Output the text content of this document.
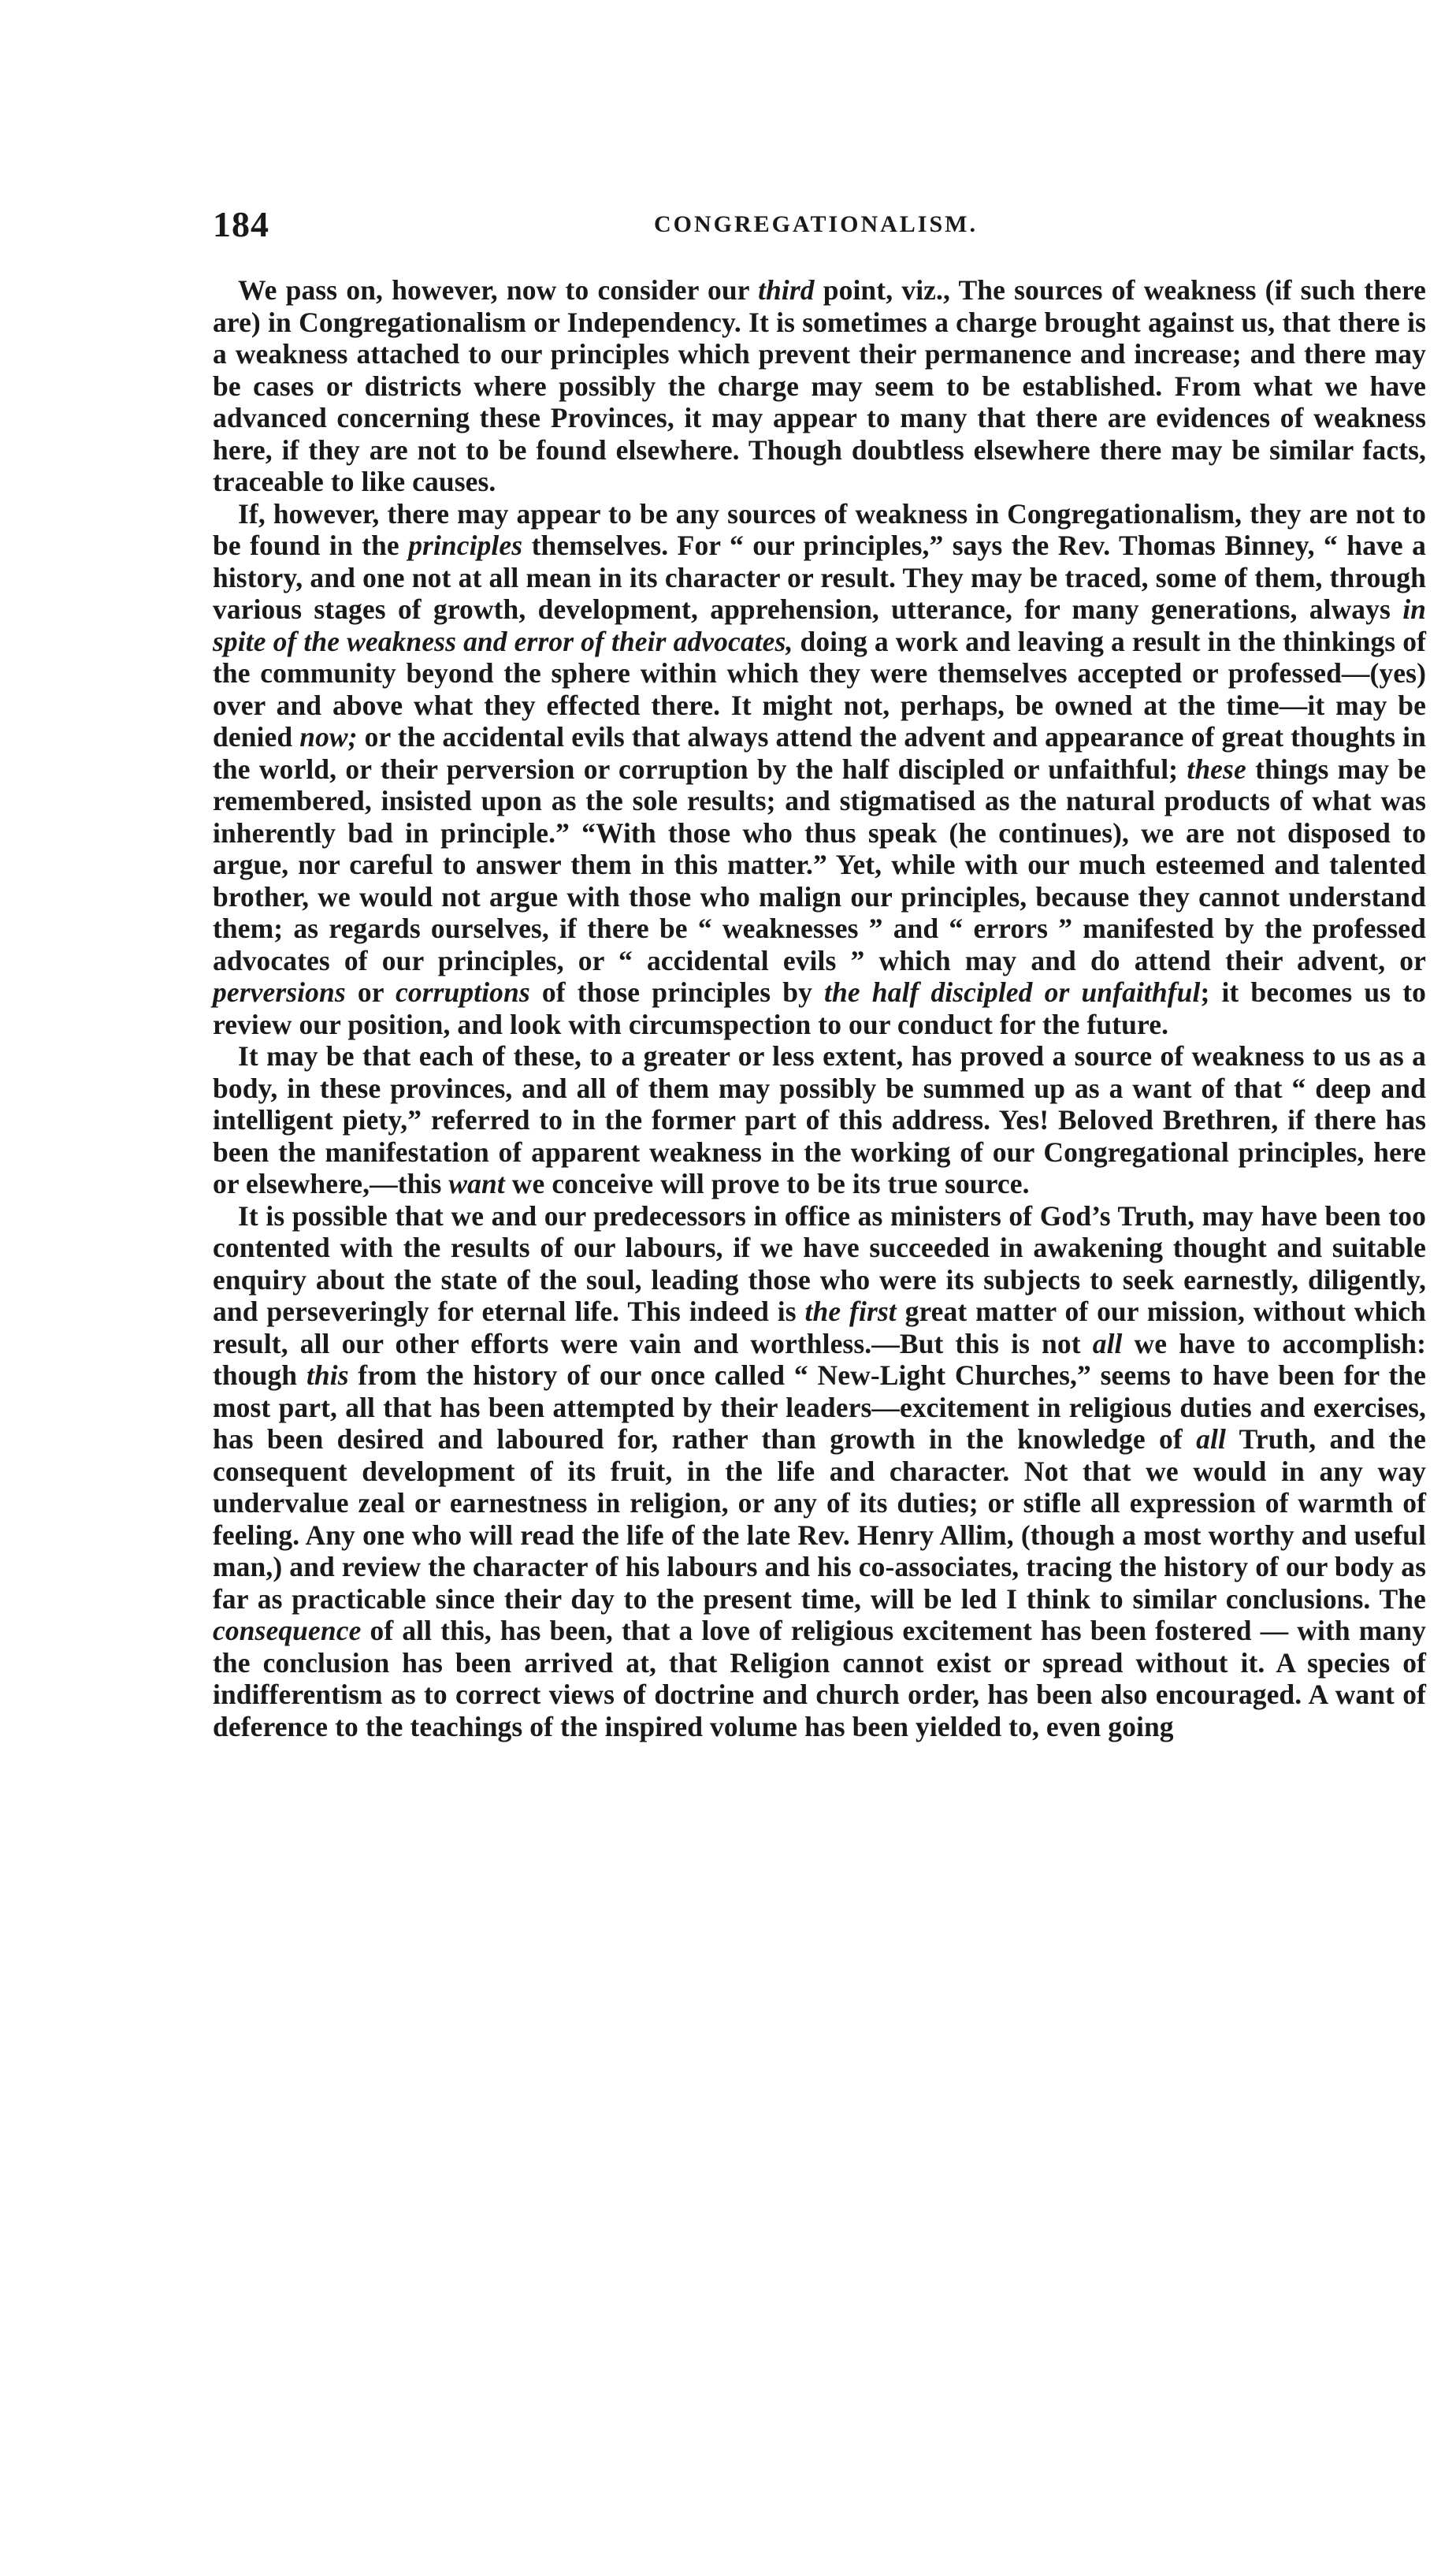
184	CONGREGATIONALISM.

We pass on, however, now to consider our third point, viz., The sources of weakness (if such there are) in Congregationalism or Independency. It is sometimes a charge brought against us, that there is a weakness attached to our principles which prevent their permanence and increase; and there may be cases or districts where possibly the charge may seem to be established. From what we have advanced concerning these Provinces, it may appear to many that there are evidences of weakness here, if they are not to be found elsewhere. Though doubtless elsewhere there may be similar facts, traceable to like causes.

If, however, there may appear to be any sources of weakness in Congregationalism, they are not to be found in the principles themselves. For “ our principles,” says the Rev. Thomas Binney, “ have a history, and one not at all mean in its character or result. They may be traced, some of them, through various stages of growth, development, apprehension, utterance, for many generations, always in spite of the weakness and error of their advocates, doing a work and leaving a result in the thinkings of the community beyond the sphere within which they were themselves accepted or professed—(yes) over and above what they effected there. It might not, perhaps, be owned at the time—it may be denied now; or the accidental evils that always attend the advent and appearance of great thoughts in the world, or their perversion or corruption by the half discipled or unfaithful; these things may be remembered, insisted upon as the sole results; and stigmatised as the natural products of what was inherently bad in principle.” “With those who thus speak (he continues), we are not disposed to argue, nor careful to answer them in this matter.” Yet, while with our much esteemed and talented brother, we would not argue with those who malign our principles, because they cannot understand them; as regards ourselves, if there be “ weaknesses ” and “ errors ” manifested by the professed advocates of our principles, or “ accidental evils ” which may and do attend their advent, or perversions or corruptions of those principles by the half discipled or unfaithful; it becomes us to review our position, and look with circumspection to our conduct for the future.

It may be that each of these, to a greater or less extent, has proved a source of weakness to us as a body, in these provinces, and all of them may possibly be summed up as a want of that “ deep and intelligent piety,” referred to in the former part of this address. Yes! Beloved Brethren, if there has been the manifestation of apparent weakness in the working of our Congregational principles, here or elsewhere,—this want we conceive will prove to be its true source.

It is possible that we and our predecessors in office as ministers of God’s Truth, may have been too contented with the results of our labours, if we have succeeded in awakening thought and suitable enquiry about the state of the soul, leading those who were its subjects to seek earnestly, diligently, and perseveringly for eternal life. This indeed is the first great matter of our mission, without which result, all our other efforts were vain and worthless.—But this is not all we have to accomplish: though this from the history of our once called “ New-Light Churches,” seems to have been for the most part, all that has been attempted by their leaders—excitement in religious duties and exercises, has been desired and laboured for, rather than growth in the knowledge of all Truth, and the consequent development of its fruit, in the life and character. Not that we would in any way undervalue zeal or earnestness in religion, or any of its duties; or stifle all expression of warmth of feeling. Any one who will read the life of the late Rev. Henry Allim, (though a most worthy and useful man,) and review the character of his labours and his co-associates, tracing the history of our body as far as practicable since their day to the present time, will be led I think to similar conclusions. The consequence of all this, has been, that a love of religious excitement has been fostered — with many the conclusion has been arrived at, that Religion cannot exist or spread without it. A species of indifferentism as to correct views of doctrine and church order, has been also encouraged. A want of deference to the teachings of the inspired volume has been yielded to, even going
